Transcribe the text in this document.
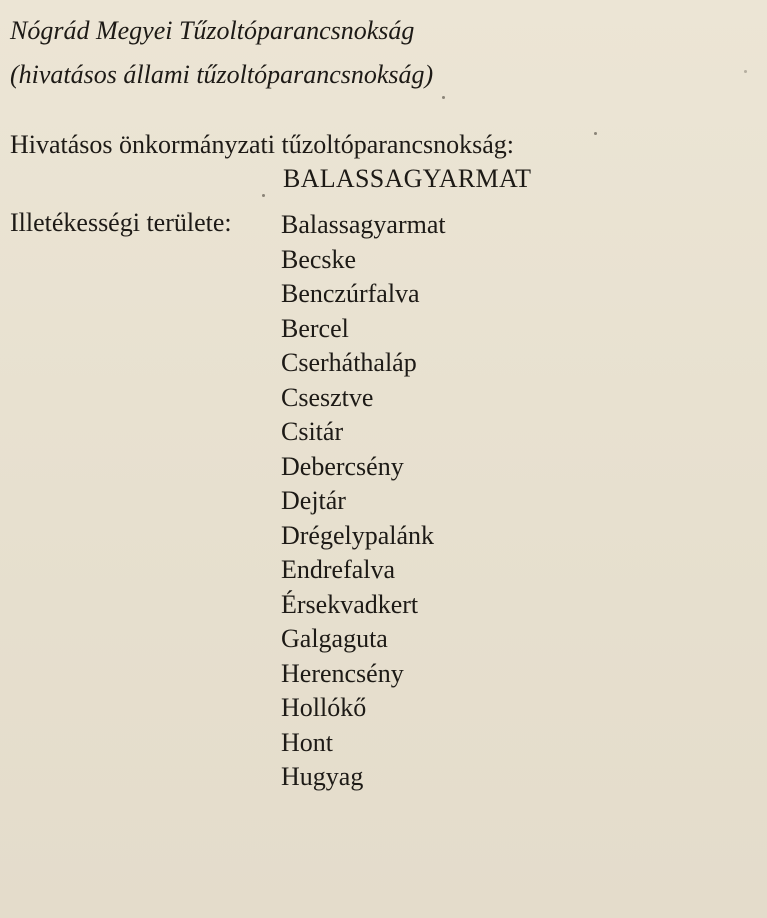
Nógrád Megyei Tűzoltóparancsnokság
(hivatásos állami tűzoltóparancsnokság)
Hivatásos önkormányzati tűzoltóparancsnokság:
BALASSAGYARMAT
Illetékességi területe: Balassagyarmat
Becske
Benczúrfalva
Bercel
Cserháthaláp
Csesztve
Csitár
Debercsény
Dejtár
Drégelypalánk
Endrefalva
Érsekvadkert
Galgaguta
Herencsény
Hollókő
Hont
Hugyag
